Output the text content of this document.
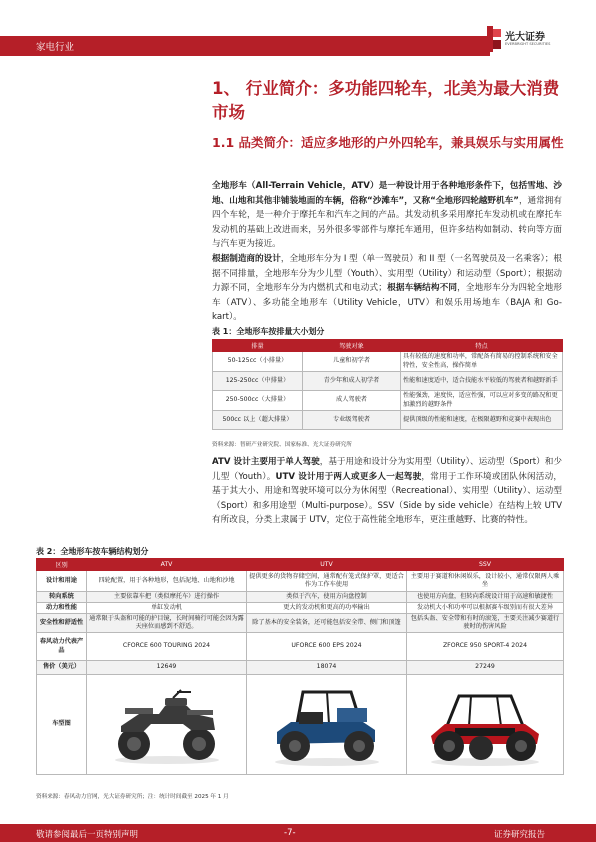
家电行业
光大证券
EVERBRIGHT SECURITIES
1、 行业简介：多功能四轮车，北美为最大消费市场
1.1 品类简介：适应多地形的户外四轮车，兼具娱乐与实用属性
全地形车（All-Terrain Vehicle，ATV）是一种设计用于各种地形条件下，包括雪地、沙地、山地和其他非铺装地面的车辆，俗称“沙滩车”，又称“全地形四轮越野机车”，通常拥有四个车轮，是一种介于摩托车和汽车之间的产品。其发动机多采用摩托车发动机或在摩托车发动机的基础上改进而来，另外很多零部件与摩托车通用，但许多结构如制动、转向等方面与汽车更为接近。
根据制造商的设计，全地形车分为 I 型（单一驾驶员）和 II 型（一名驾驶员及一名乘客）；根据不同排量，全地形车分为少儿型（Youth）、实用型（Utility）和运动型（Sport）；根据动力源不同，全地形车分为内燃机式和电动式；根据车辆结构不同，全地形车分为四轮全地形车（ATV）、多功能全地形车（Utility Vehicle，UTV）和娱乐用场地车（BAJA 和 Go-kart）。
表 1：全地形车按排量大小划分
排量	驾驶对象	特点
50-125cc（小排量）	儿童和初学者	具有较低的速度和功率，常配备有简易的控制系统和安全特性，安全性高，操作简单
125-250cc（中排量）	青少年和成人初学者	性能和速度适中，适合技能水平较低的驾驶者和越野新手
250-500cc（大排量）	成人驾驶者	性能强劲，速度快，适应性强，可以应对多变的路况和更加激烈的越野条件
500cc 以上（超大排量）	专业级驾驶者	提供顶级的性能和速度，在极限越野和竞赛中表现出色
资料来源：智研产业研究院、国家标准、光大证券研究所
ATV 设计主要用于单人驾驶，基于用途和设计分为实用型（Utility）、运动型（Sport）和少儿型（Youth）。UTV 设计用于两人或更多人一起驾驶，常用于工作环境或团队休闲活动，基于其大小、用途和驾驶环境可以分为休闲型（Recreational）、实用型（Utility）、运动型（Sport）和多用途型（Multi-purpose）。SSV（Side by side vehicle）在结构上较 UTV 有所改良，分类上隶属于 UTV，定位于高性能全地形车，更注重越野、比赛的特性。
表 2：全地形车按车辆结构划分
区别	ATV	UTV	SSV
设计和用途	四轮配置，用于各种地形，包括泥地、山地和沙地	提供更多的货物存储空间，通常配有笼式保护罩，更适合作为工作车使用	主要用于赛道和休闲娱乐，设计较小，通常仅限两人乘坐
转向系统	主要依靠车把（类似摩托车）进行操作	类似于汽车，使用方向盘控制	也使用方向盘，但转向系统设计用于高速和敏捷性
动力和性能	单缸发动机	更大的发动机和更高的功率输出	发动机大小和功率可以根据赛车级别而有很大差异
安全性和舒适性	通常限于头盔和可能的护目镜，长时间骑行可能会因为露天座位而感到不舒适。	除了基本的安全装备，还可能包括安全带、侧门和顶篷	包括头盔、安全带和有时的滚笼，主要关注减少赛道行驶时的伤害风险
春风动力代表产品	CFORCE 600 TOURING 2024	UFORCE 600 EPS 2024	ZFORCE 950 SPORT-4 2024
售价（美元）	12649	18074	27249
车型图	

资料来源：春风动力官网，光大证券研究所；注：统计时间截至 2025 年 1 月
敬请参阅最后一页特别声明	-7-	证券研究报告
